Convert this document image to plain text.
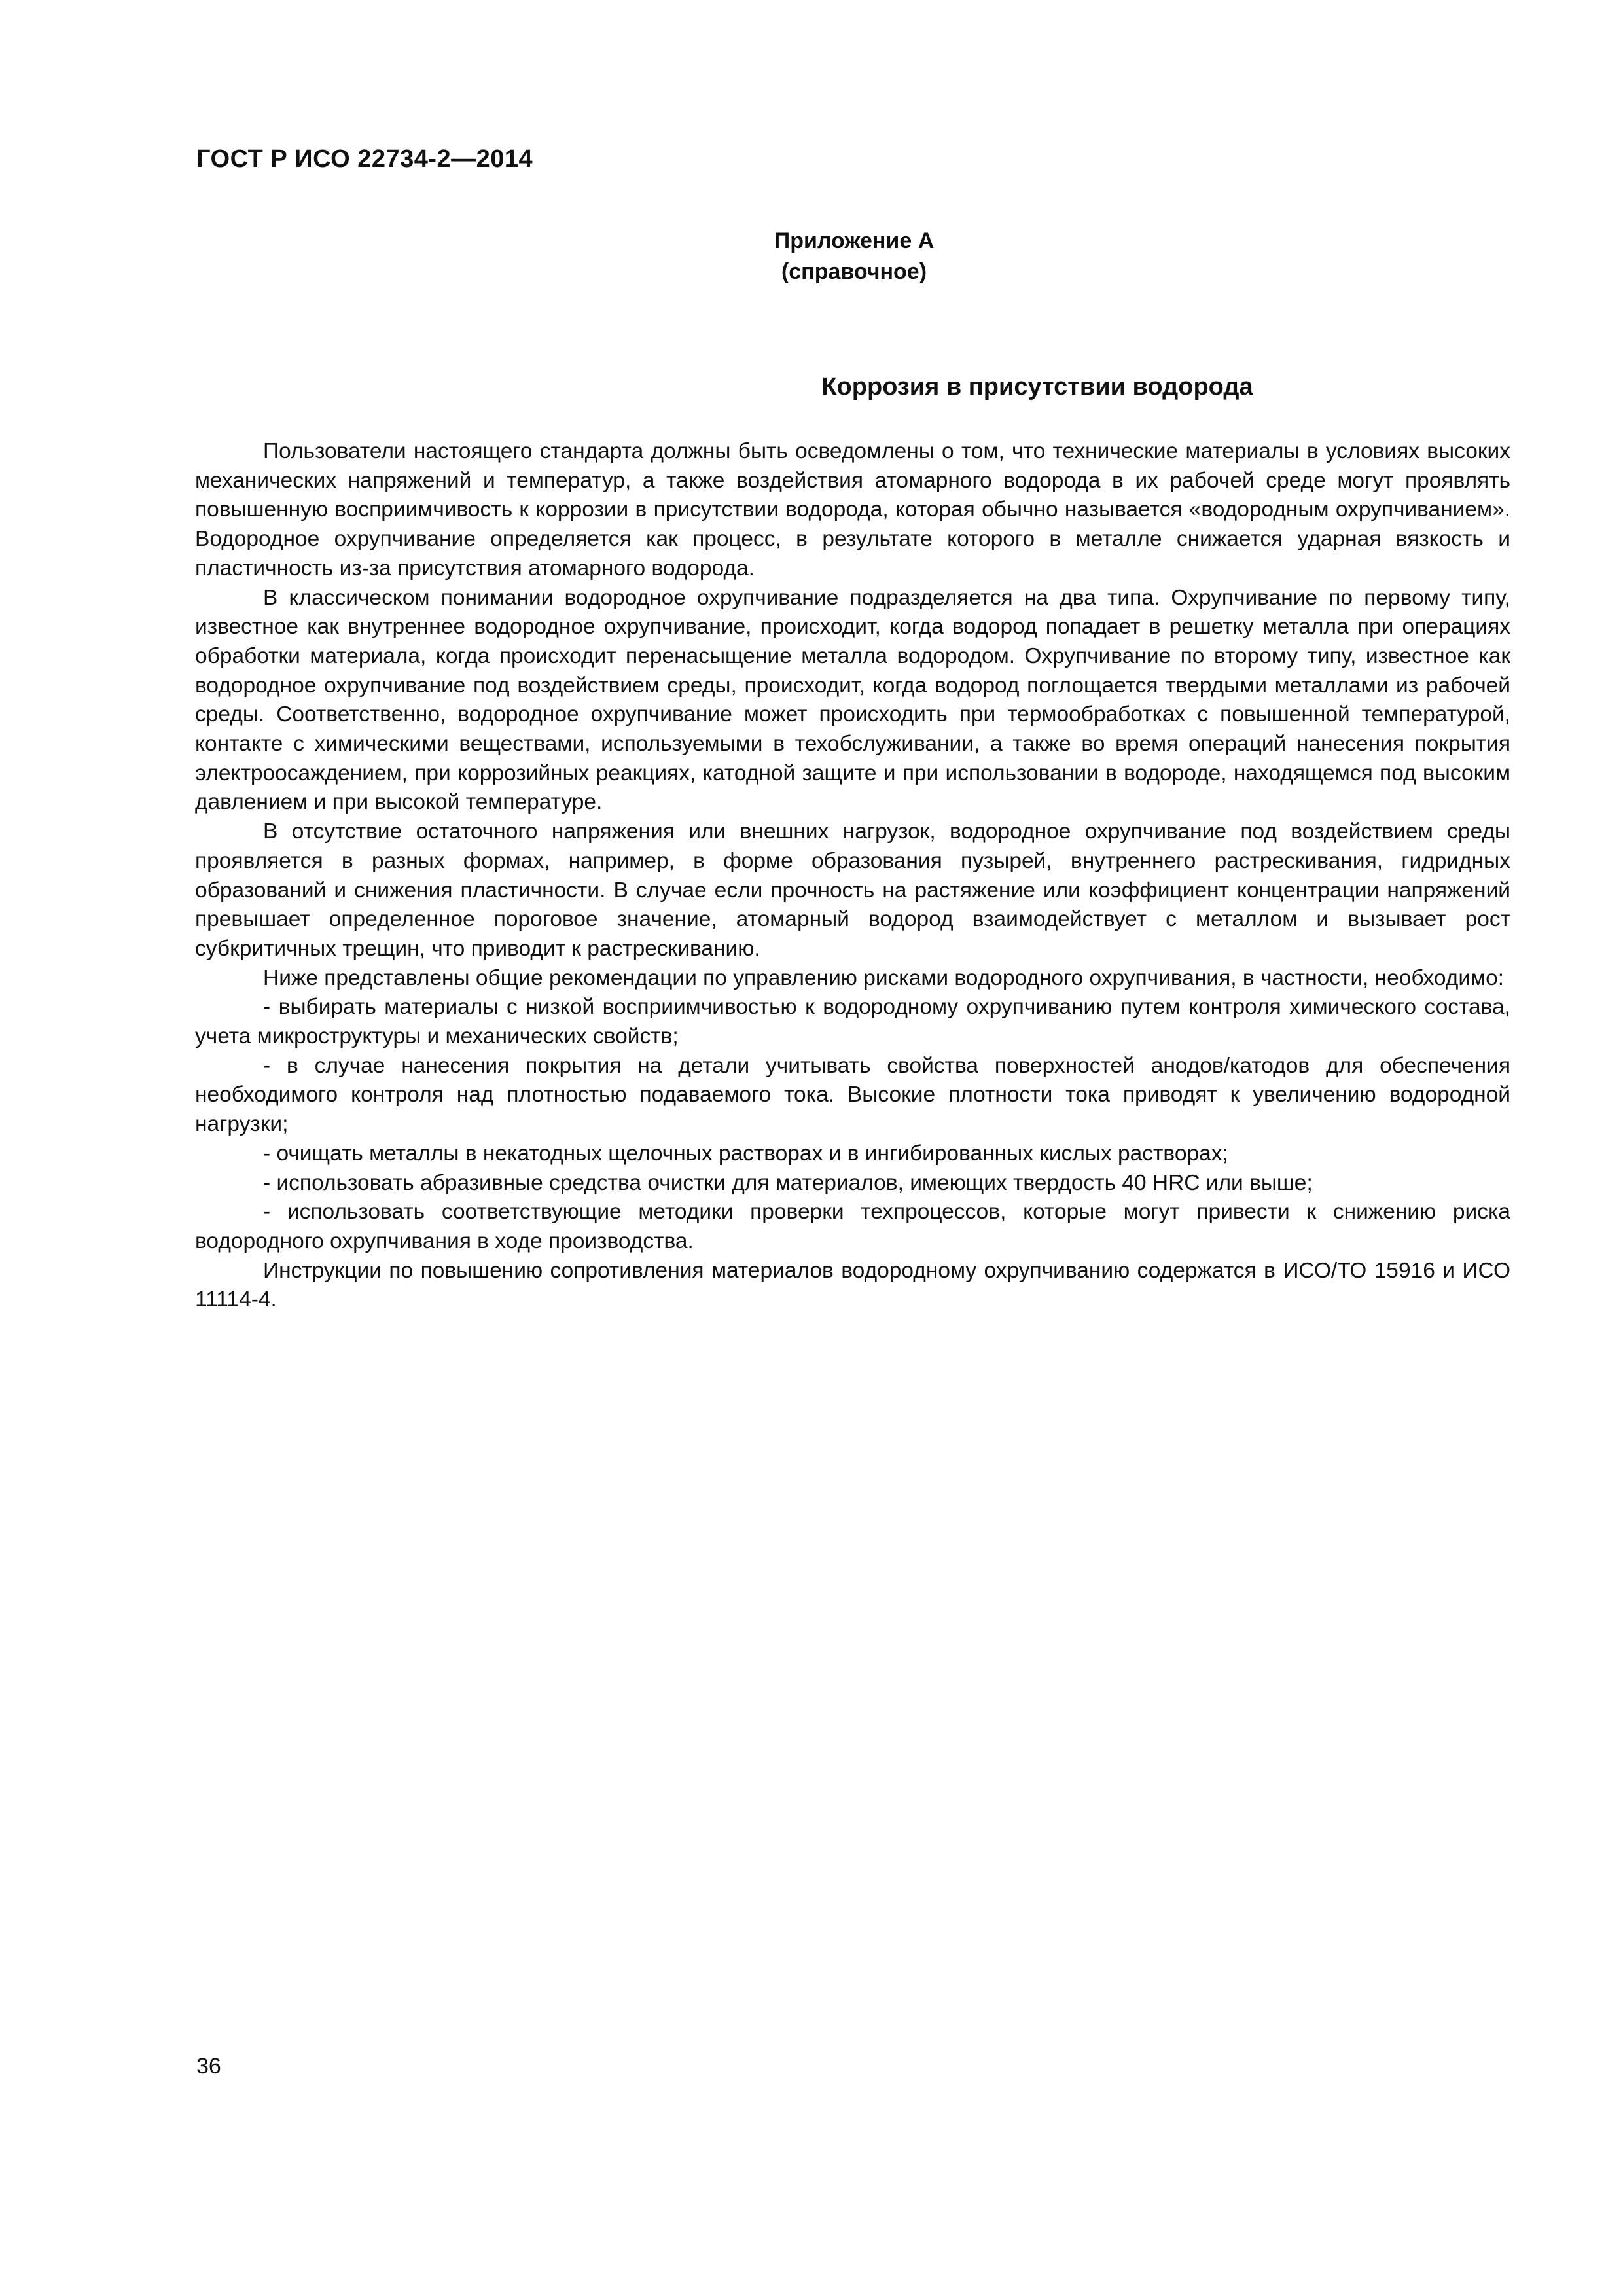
ГОСТ Р ИСО 22734-2—2014
Приложение А
(справочное)
Коррозия в присутствии водорода

Пользователи настоящего стандарта должны быть осведомлены о том, что технические материалы в условиях высоких механических напряжений и температур, а также воздействия атомарного водорода в их рабочей среде могут проявлять повышенную восприимчивость к коррозии в присутствии водорода, которая обычно называется «водородным охрупчиванием». Водородное охрупчивание определяется как процесс, в результате которого в металле снижается ударная вязкость и пластичность из-за присутствия атомарного водорода.

В классическом понимании водородное охрупчивание подразделяется на два типа. Охрупчивание по первому типу, известное как внутреннее водородное охрупчивание, происходит, когда водород попадает в решетку металла при операциях обработки материала, когда происходит перенасыщение металла водородом. Охрупчивание по второму типу, известное как водородное охрупчивание под воздействием среды, происходит, когда водород поглощается твердыми металлами из рабочей среды. Соответственно, водородное охрупчивание может происходить при термообработках с повышенной температурой, контакте с химическими веществами, используемыми в техобслуживании, а также во время операций нанесения покрытия электроосаждением, при коррозийных реакциях, катодной защите и при использовании в водороде, находящемся под высоким давлением и при высокой температуре.

В отсутствие остаточного напряжения или внешних нагрузок, водородное охрупчивание под воздействием среды проявляется в разных формах, например, в форме образования пузырей, внутреннего растрескивания, гидридных образований и снижения пластичности. В случае если прочность на растяжение или коэффициент концентрации напряжений превышает определенное пороговое значение, атомарный водород взаимодействует с металлом и вызывает рост субкритичных трещин, что приводит к растрескиванию.

Ниже представлены общие рекомендации по управлению рисками водородного охрупчивания, в частности, необходимо:

- выбирать материалы с низкой восприимчивостью к водородному охрупчиванию путем контроля химического состава, учета микроструктуры и механических свойств;

- в случае нанесения покрытия на детали учитывать свойства поверхностей анодов/катодов для обеспечения необходимого контроля над плотностью подаваемого тока. Высокие плотности тока приводят к увеличению водородной нагрузки;

- очищать металлы в некатодных щелочных растворах и в ингибированных кислых растворах;

- использовать абразивные средства очистки для материалов, имеющих твердость 40 HRC или выше;

- использовать соответствующие методики проверки техпроцессов, которые могут привести к снижению риска водородного охрупчивания в ходе производства.

Инструкции по повышению сопротивления материалов водородному охрупчиванию содержатся в ИСО/ТО 15916 и ИСО 11114-4.

36
